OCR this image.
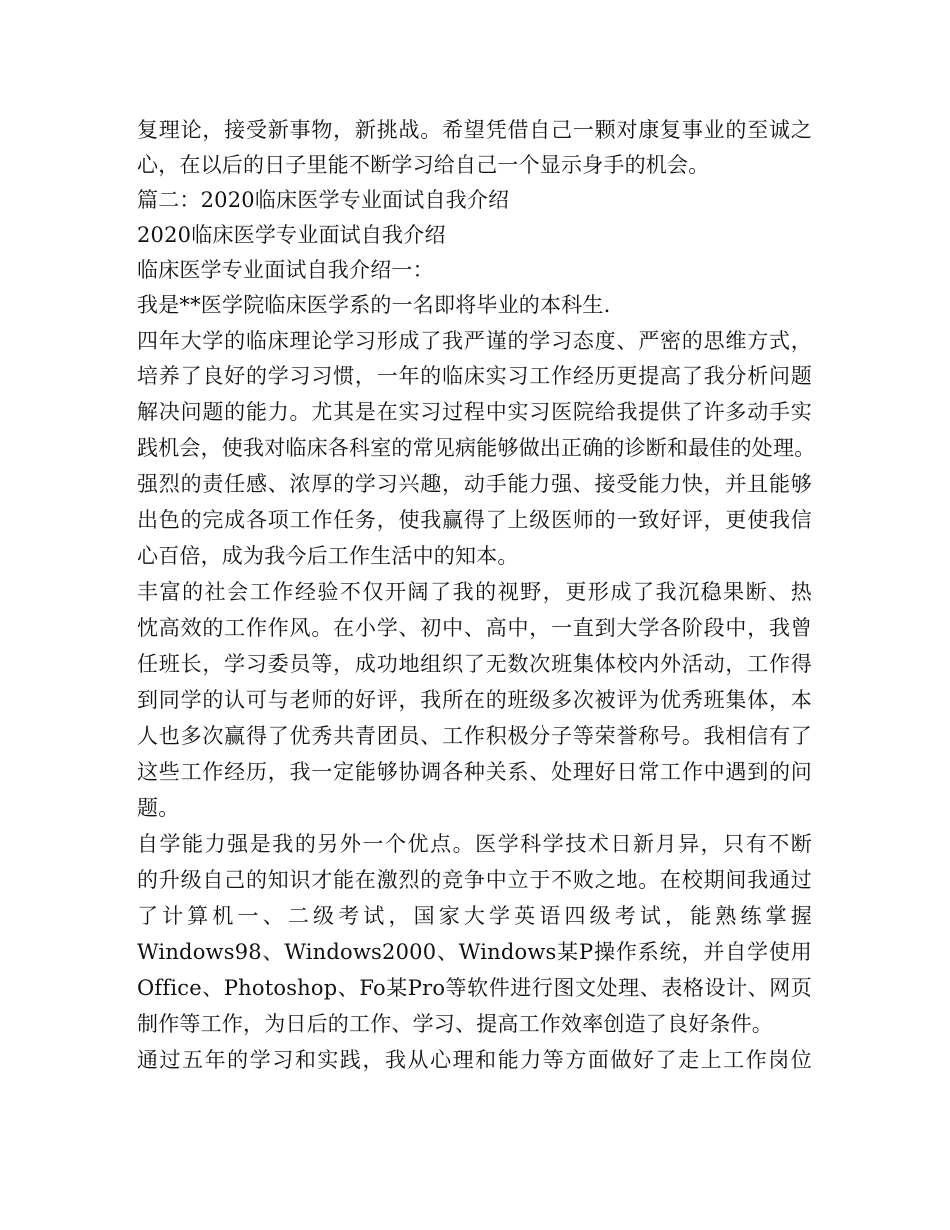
复理论，接受新事物，新挑战。希望凭借自己一颗对康复事业的至诚之
心，在以后的日子里能不断学习给自己一个显示身手的机会。
篇二：2020临床医学专业面试自我介绍
2020临床医学专业面试自我介绍
临床医学专业面试自我介绍一：
我是**医学院临床医学系的一名即将毕业的本科生.
四年大学的临床理论学习形成了我严谨的学习态度、严密的思维方式，
培养了良好的学习习惯，一年的临床实习工作经历更提高了我分析问题
解决问题的能力。尤其是在实习过程中实习医院给我提供了许多动手实
践机会，使我对临床各科室的常见病能够做出正确的诊断和最佳的处理。
强烈的责任感、浓厚的学习兴趣，动手能力强、接受能力快，并且能够
出色的完成各项工作任务，使我赢得了上级医师的一致好评，更使我信
心百倍，成为我今后工作生活中的知本。
丰富的社会工作经验不仅开阔了我的视野，更形成了我沉稳果断、热
忱高效的工作作风。在小学、初中、高中，一直到大学各阶段中，我曾
任班长，学习委员等，成功地组织了无数次班集体校内外活动，工作得
到同学的认可与老师的好评，我所在的班级多次被评为优秀班集体，本
人也多次赢得了优秀共青团员、工作积极分子等荣誉称号。我相信有了
这些工作经历，我一定能够协调各种关系、处理好日常工作中遇到的问
题。
自学能力强是我的另外一个优点。医学科学技术日新月异，只有不断
的升级自己的知识才能在激烈的竞争中立于不败之地。在校期间我通过
了计算机一、二级考试，国家大学英语四级考试，能熟练掌握
Windows98、Windows2000、Windows某P操作系统，并自学使用
Office、Photoshop、Fo某Pro等软件进行图文处理、表格设计、网页
制作等工作，为日后的工作、学习、提高工作效率创造了良好条件。
通过五年的学习和实践，我从心理和能力等方面做好了走上工作岗位
